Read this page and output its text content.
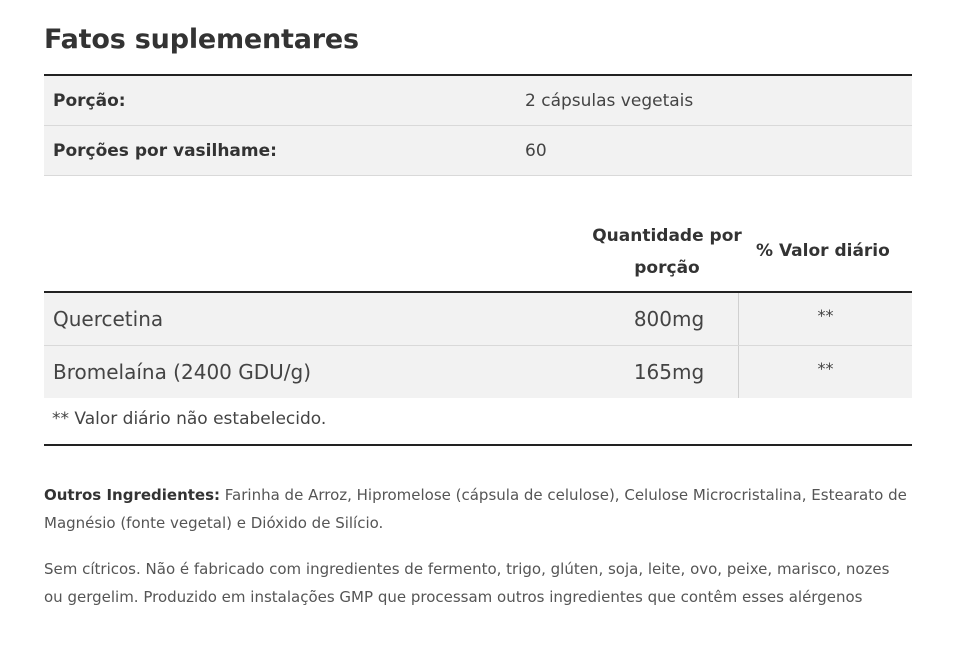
Fatos suplementares
Porção:	2 cápsulas vegetais
Porções por vasilhame:	60
Quantidade por porção
% Valor diário
Quercetina	800mg	**
Bromelaína (2400 GDU/g)	165mg	**
** Valor diário não estabelecido.

Outros Ingredientes: Farinha de Arroz, Hipromelose (cápsula de celulose), Celulose Microcristalina, Estearato de Magnésio (fonte vegetal) e Dióxido de Silício.

Sem cítricos. Não é fabricado com ingredientes de fermento, trigo, glúten, soja, leite, ovo, peixe, marisco, nozes ou gergelim. Produzido em instalações GMP que processam outros ingredientes que contêm esses alérgenos
